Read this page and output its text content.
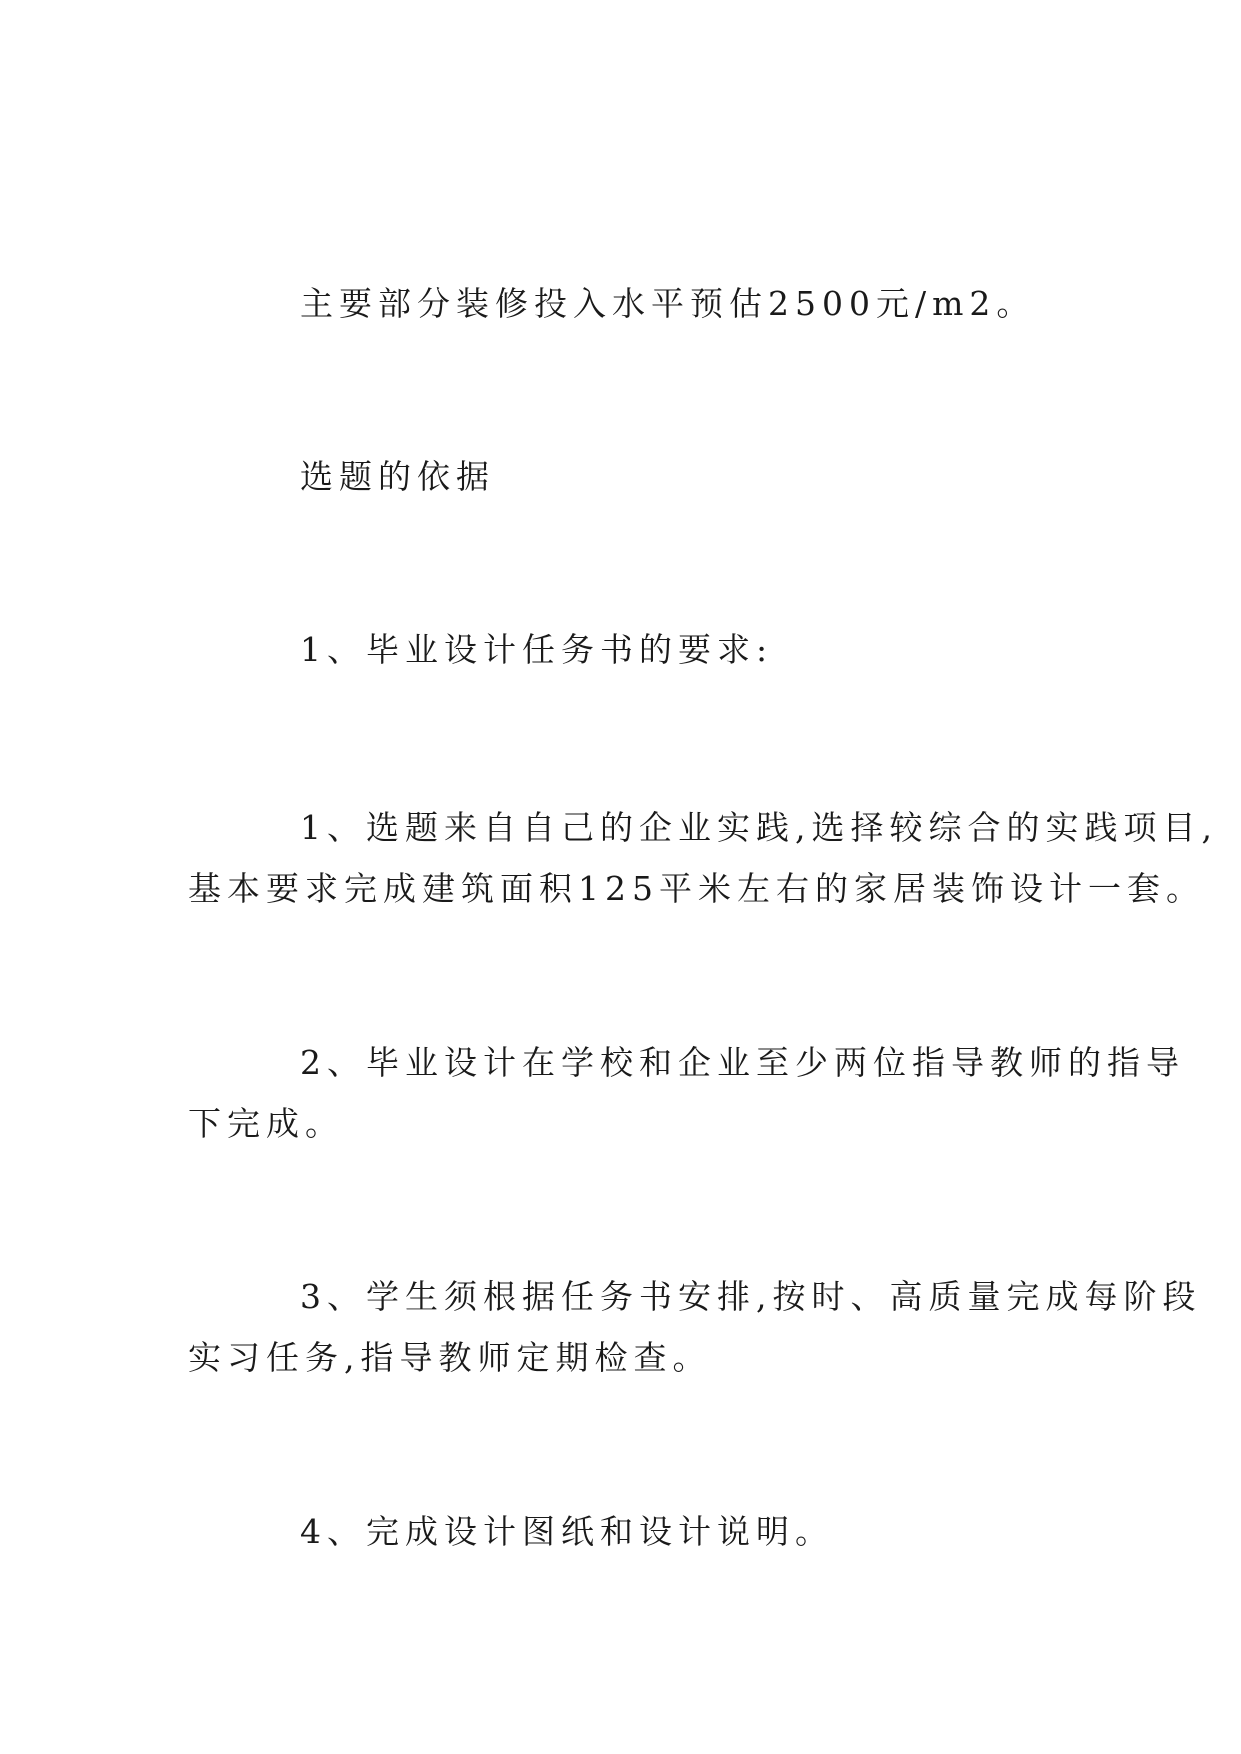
主要部分装修投入水平预估2500元/m2。
选题的依据
1、毕业设计任务书的要求:
1、选题来自自己的企业实践,选择较综合的实践项目,
基本要求完成建筑面积125平米左右的家居装饰设计一套。
2、毕业设计在学校和企业至少两位指导教师的指导
下完成。
3、学生须根据任务书安排,按时、高质量完成每阶段
实习任务,指导教师定期检查。
4、完成设计图纸和设计说明。
